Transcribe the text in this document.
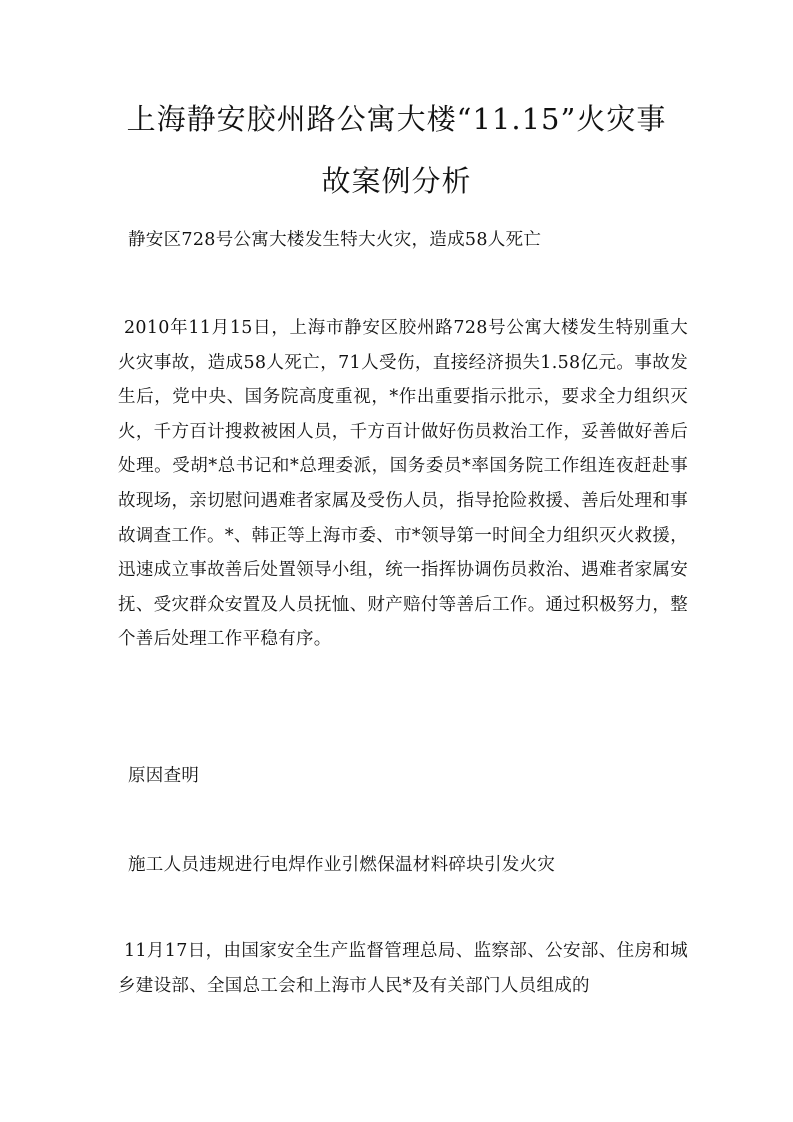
上海静安胶州路公寓大楼“11.15”火灾事故案例分析

静安区728号公寓大楼发生特大火灾，造成58人死亡

2010年11月15日，上海市静安区胶州路728号公寓大楼发生特别重大火灾事故，造成58人死亡，71人受伤，直接经济损失1.58亿元。事故发生后，党中央、国务院高度重视，*作出重要指示批示，要求全力组织灭火，千方百计搜救被困人员，千方百计做好伤员救治工作，妥善做好善后处理。受胡*总书记和*总理委派，国务委员*率国务院工作组连夜赶赴事故现场，亲切慰问遇难者家属及受伤人员，指导抢险救援、善后处理和事故调查工作。*、韩正等上海市委、市*领导第一时间全力组织灭火救援，迅速成立事故善后处置领导小组，统一指挥协调伤员救治、遇难者家属安抚、受灾群众安置及人员抚恤、财产赔付等善后工作。通过积极努力，整个善后处理工作平稳有序。

原因查明

施工人员违规进行电焊作业引燃保温材料碎块引发火灾

11月17日，由国家安全生产监督管理总局、监察部、公安部、住房和城乡建设部、全国总工会和上海市人民*及有关部门人员组成的
